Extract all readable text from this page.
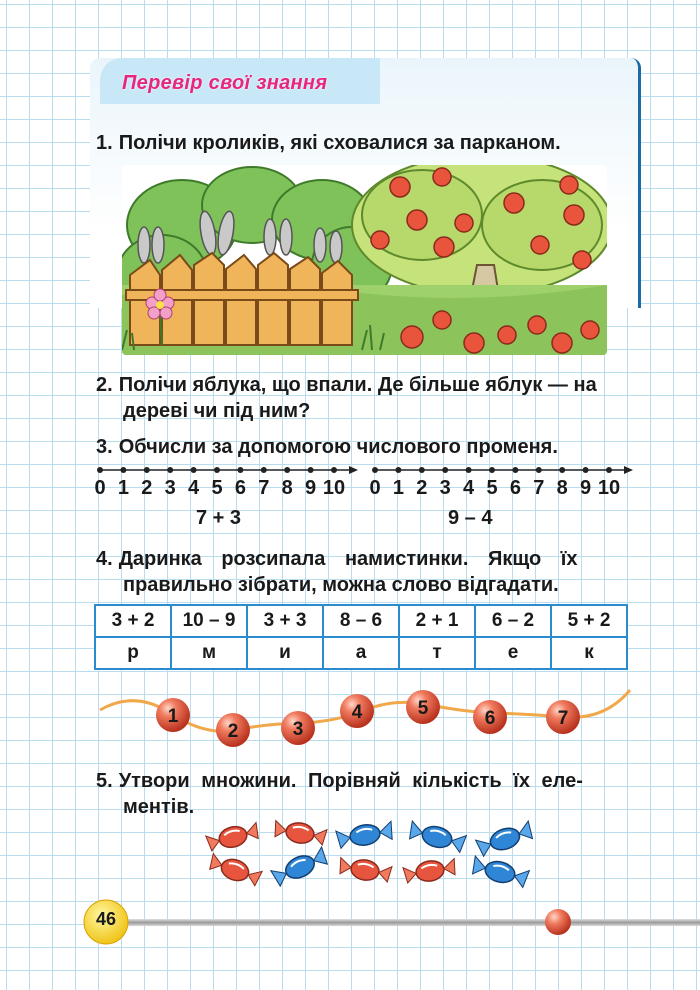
Перевір свої знання
1. Полічи кроликів, які сховалися за парканом.
2. Полічи яблука, що впали. Де більше яблук — на
дереві чи під ним?
3. Обчисли за допомогою числового променя.
0 1 2 3 4 5 6 7 8 9 10	0 1 2 3 4 5 6 7 8 9 10
7 + 3	9 – 4
4. Даринка розсипала намистинки. Якщо їх
правильно зібрати, можна слово відгадати.
3 + 2	10 – 9	3 + 3	8 – 6	2 + 1	6 – 2	5 + 2
р	м	и	а	т	е	к
1
2	3
4	5	6	7
5. Утвори множини. Порівняй кількість їх еле-
ментів.
46
